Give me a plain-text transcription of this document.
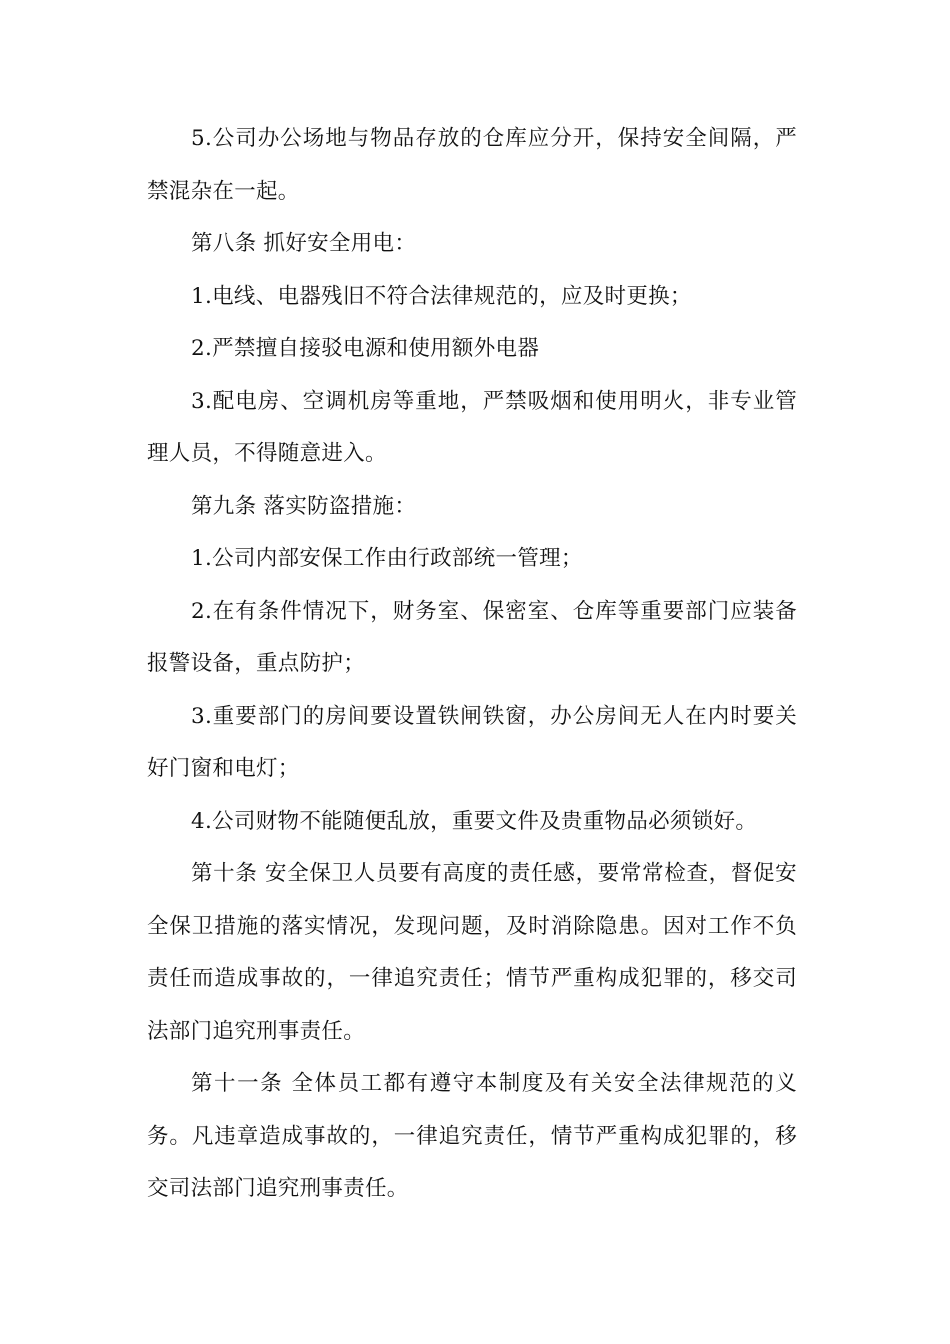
5.公司办公场地与物品存放的仓库应分开，保持安全间隔，严禁混杂在一起。

第八条 抓好安全用电：

1.电线、电器残旧不符合法律规范的，应及时更换；

2.严禁擅自接驳电源和使用额外电器

3.配电房、空调机房等重地，严禁吸烟和使用明火，非专业管理人员，不得随意进入。

第九条 落实防盗措施：

1.公司内部安保工作由行政部统一管理；

2.在有条件情况下，财务室、保密室、仓库等重要部门应装备报警设备，重点防护；

3.重要部门的房间要设置铁闸铁窗，办公房间无人在内时要关好门窗和电灯；

4.公司财物不能随便乱放，重要文件及贵重物品必须锁好。

第十条 安全保卫人员要有高度的责任感，要常常检查，督促安全保卫措施的落实情况，发现问题，及时消除隐患。因对工作不负责任而造成事故的，一律追究责任；情节严重构成犯罪的，移交司法部门追究刑事责任。

第十一条 全体员工都有遵守本制度及有关安全法律规范的义务。凡违章造成事故的，一律追究责任，情节严重构成犯罪的，移交司法部门追究刑事责任。
